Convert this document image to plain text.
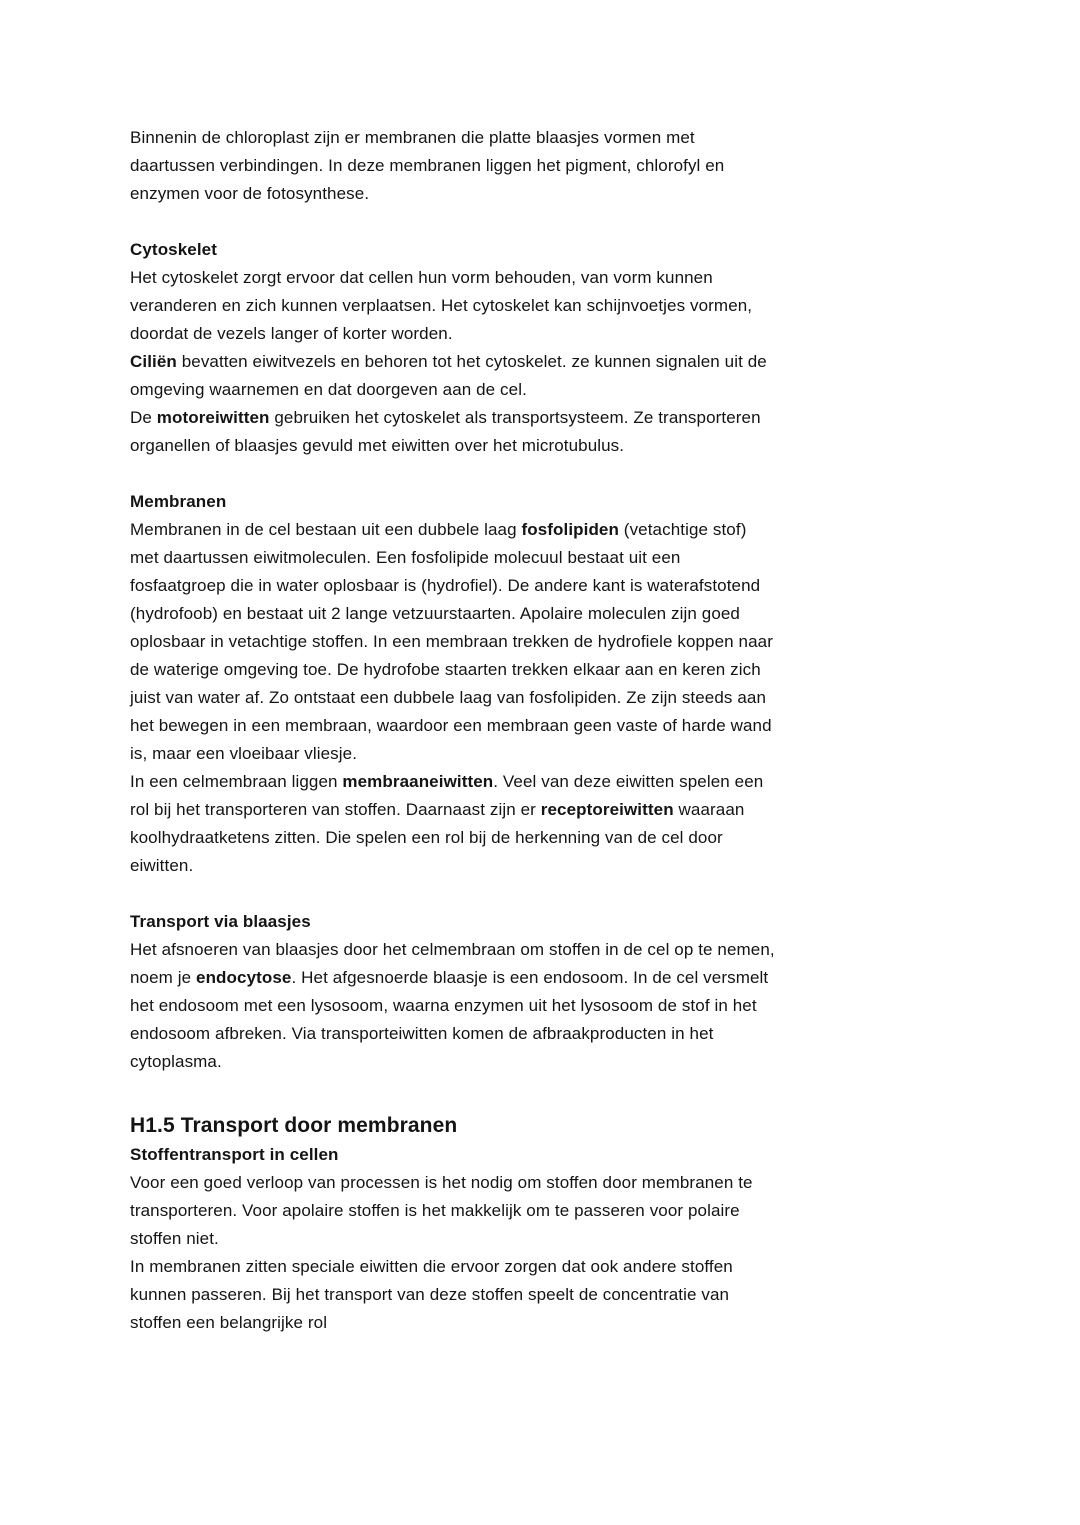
Binnenin de chloroplast zijn er membranen die platte blaasjes vormen met
daartussen verbindingen. In deze membranen liggen het pigment, chlorofyl en
enzymen voor de fotosynthese.
Cytoskelet
Het cytoskelet zorgt ervoor dat cellen hun vorm behouden, van vorm kunnen
veranderen en zich kunnen verplaatsen. Het cytoskelet kan schijnvoetjes vormen,
doordat de vezels langer of korter worden.
Ciliën bevatten eiwitvezels en behoren tot het cytoskelet. ze kunnen signalen uit de
omgeving waarnemen en dat doorgeven aan de cel.
De motoreiwitten gebruiken het cytoskelet als transportsysteem. Ze transporteren
organellen of blaasjes gevuld met eiwitten over het microtubulus.
Membranen
Membranen in de cel bestaan uit een dubbele laag fosfolipiden (vetachtige stof)
met daartussen eiwitmoleculen. Een fosfolipide molecuul bestaat uit een
fosfaatgroep die in water oplosbaar is (hydrofiel). De andere kant is waterafstotend
(hydrofoob) en bestaat uit 2 lange vetzuurstaarten. Apolaire moleculen zijn goed
oplosbaar in vetachtige stoffen. In een membraan trekken de hydrofiele koppen naar
de waterige omgeving toe. De hydrofobe staarten trekken elkaar aan en keren zich
juist van water af. Zo ontstaat een dubbele laag van fosfolipiden. Ze zijn steeds aan
het bewegen in een membraan, waardoor een membraan geen vaste of harde wand
is, maar een vloeibaar vliesje.
In een celmembraan liggen membraaneiwitten. Veel van deze eiwitten spelen een
rol bij het transporteren van stoffen. Daarnaast zijn er receptoreiwitten waaraan
koolhydraatketens zitten. Die spelen een rol bij de herkenning van de cel door
eiwitten.
Transport via blaasjes
Het afsnoeren van blaasjes door het celmembraan om stoffen in de cel op te nemen,
noem je endocytose. Het afgesnoerde blaasje is een endosoom. In de cel versmelt
het endosoom met een lysosoom, waarna enzymen uit het lysosoom de stof in het
endosoom afbreken. Via transporteiwitten komen de afbraakproducten in het
cytoplasma.
H1.5 Transport door membranen
Stoffentransport in cellen
Voor een goed verloop van processen is het nodig om stoffen door membranen te
transporteren. Voor apolaire stoffen is het makkelijk om te passeren voor polaire
stoffen niet.
In membranen zitten speciale eiwitten die ervoor zorgen dat ook andere stoffen
kunnen passeren. Bij het transport van deze stoffen speelt de concentratie van
stoffen een belangrijke rol
